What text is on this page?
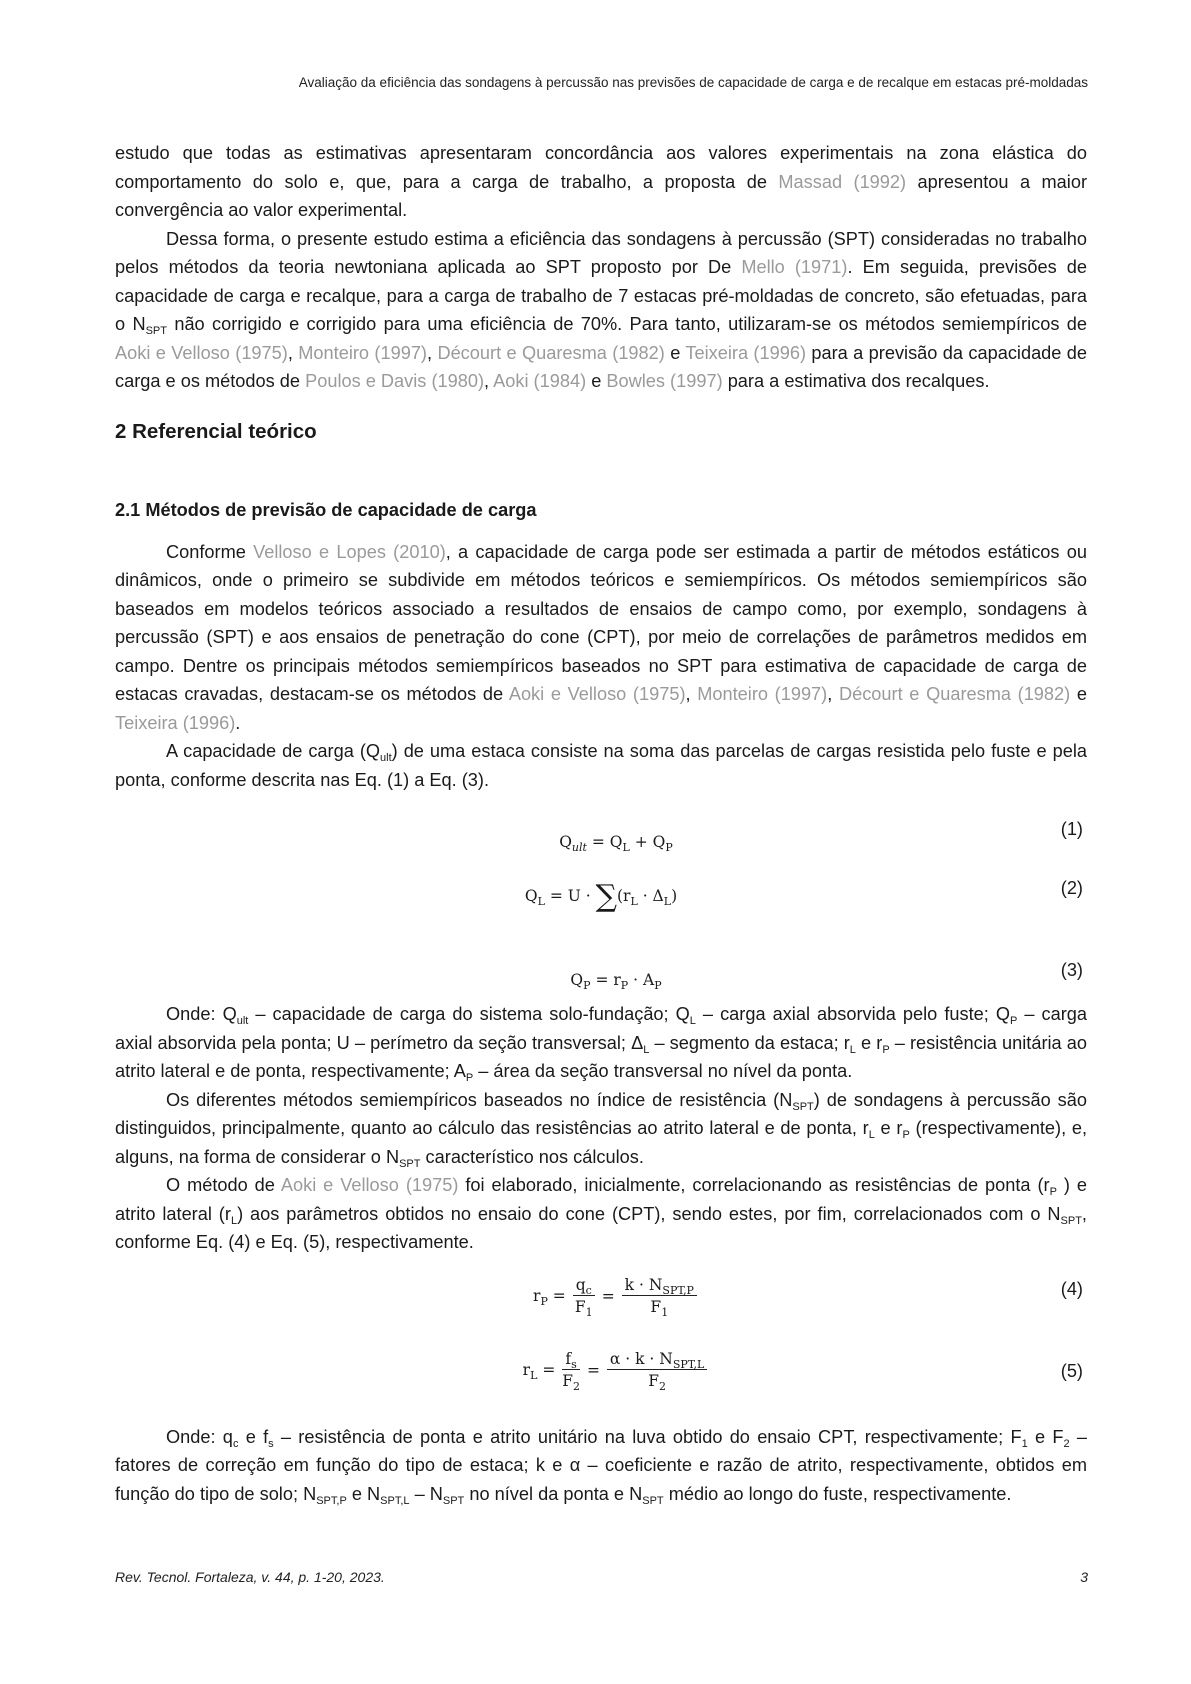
Avaliação da eficiência das sondagens à percussão nas previsões de capacidade de carga e de recalque em estacas pré-moldadas

estudo que todas as estimativas apresentaram concordância aos valores experimentais na zona elástica do comportamento do solo e, que, para a carga de trabalho, a proposta de Massad (1992) apresentou a maior convergência ao valor experimental.

Dessa forma, o presente estudo estima a eficiência das sondagens à percussão (SPT) consideradas no trabalho pelos métodos da teoria newtoniana aplicada ao SPT proposto por De Mello (1971). Em seguida, previsões de capacidade de carga e recalque, para a carga de trabalho de 7 estacas pré-moldadas de concreto, são efetuadas, para o $N_{SPT}$ não corrigido e corrigido para uma eficiência de 70%. Para tanto, utilizaram-se os métodos semiempíricos de Aoki e Velloso (1975), Monteiro (1997), Décourt e Quaresma (1982) e Teixeira (1996) para a previsão da capacidade de carga e os métodos de Poulos e Davis (1980), Aoki (1984) e Bowles (1997) para a estimativa dos recalques.

2 Referencial teórico
2.1 Métodos de previsão de capacidade de carga

Conforme Velloso e Lopes (2010), a capacidade de carga pode ser estimada a partir de métodos estáticos ou dinâmicos, onde o primeiro se subdivide em métodos teóricos e semiempíricos. Os métodos semiempíricos são baseados em modelos teóricos associado a resultados de ensaios de campo como, por exemplo, sondagens à percussão (SPT) e aos ensaios de penetração do cone (CPT), por meio de correlações de parâmetros medidos em campo. Dentre os principais métodos semiempíricos baseados no SPT para estimativa de capacidade de carga de estacas cravadas, destacam-se os métodos de Aoki e Velloso (1975), Monteiro (1997), Décourt e Quaresma (1982) e Teixeira (1996).

A capacidade de carga $(Q_{ult})$ de uma estaca consiste na soma das parcelas de cargas resistida pelo fuste e pela ponta, conforme descrita nas Eq. (1) a Eq. (3).

$Q_{ult} = Q_L + Q_P$
(1)
$Q_L = U \cdot \sum(r_L \cdot \Delta_L)$	(2)
$Q_P = r_P \cdot A_P$
(3)

Onde: $Q_{ult}$ – capacidade de carga do sistema solo-fundação; $Q_L$ – carga axial absorvida pelo fuste; $Q_P$ – carga axial absorvida pela ponta; U – perímetro da seção transversal; $\Delta_L$ – segmento da estaca; $r_L$ e $r_P$ – resistência unitária ao atrito lateral e de ponta, respectivamente; $A_P$ – área da seção transversal no nível da ponta.

Os diferentes métodos semiempíricos baseados no índice de resistência $(N_{SPT})$ de sondagens à percussão são distinguidos, principalmente, quanto ao cálculo das resistências ao atrito lateral e de ponta, $r_L$ e $r_P$ (respectivamente), e, alguns, na forma de considerar o $N_{SPT}$ característico nos cálculos.

O método de Aoki e Velloso (1975) foi elaborado, inicialmente, correlacionando as resistências de ponta ($r_P$ ) e atrito lateral $(r_L)$ aos parâmetros obtidos no ensaio do cone (CPT), sendo estes, por fim, correlacionados com o $N_{SPT}$, conforme Eq. (4) e Eq. (5), respectivamente.

$r_P = \frac{q_c}{F_1} = \frac{k \cdot N_{SPT,P}}{F_1}$	(4)
$r_L = \frac{f_s}{F_2} = \frac{\alpha \cdot k \cdot N_{SPT,L}}{F_2}$	(5)

Onde: $q_c$ e $f_s$ – resistência de ponta e atrito unitário na luva obtido do ensaio CPT, respectivamente; $F_1$ e $F_2$ – fatores de correção em função do tipo de estaca; k e α – coeficiente e razão de atrito, respectivamente, obtidos em função do tipo de solo; $N_{SPT,P}$ e $N_{SPT,L} - N_{SPT}$ no nível da ponta e $N_{SPT}$ médio ao longo do fuste, respectivamente.

Rev. Tecnol. Fortaleza, v. 44, p. 1-20, 2023.	3
